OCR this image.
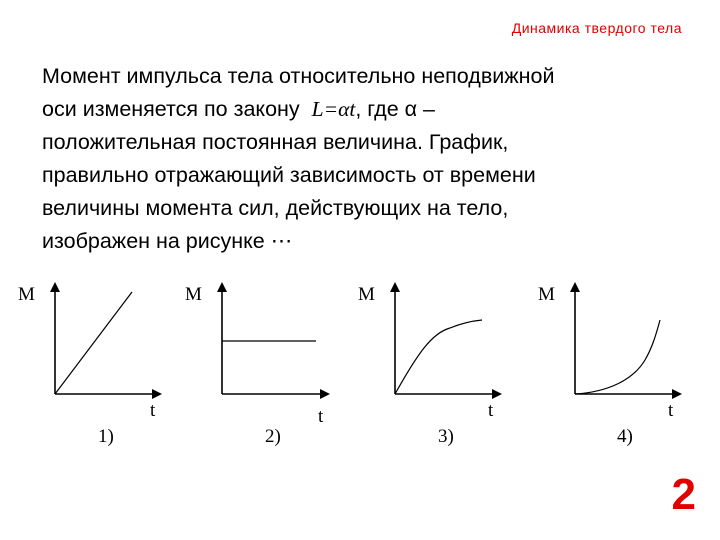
Динамика твердого тела
Момент импульса тела относительно неподвижной
оси изменяется по закону L=αt, где α –
положительная постоянная величина. График,
правильно отражающий зависимость от времени
величины момента сил, действующих на тело,
изображен на рисунке ⋯
M
t
1)
M
t
2)
M
t
3)
M
t
4)
2
